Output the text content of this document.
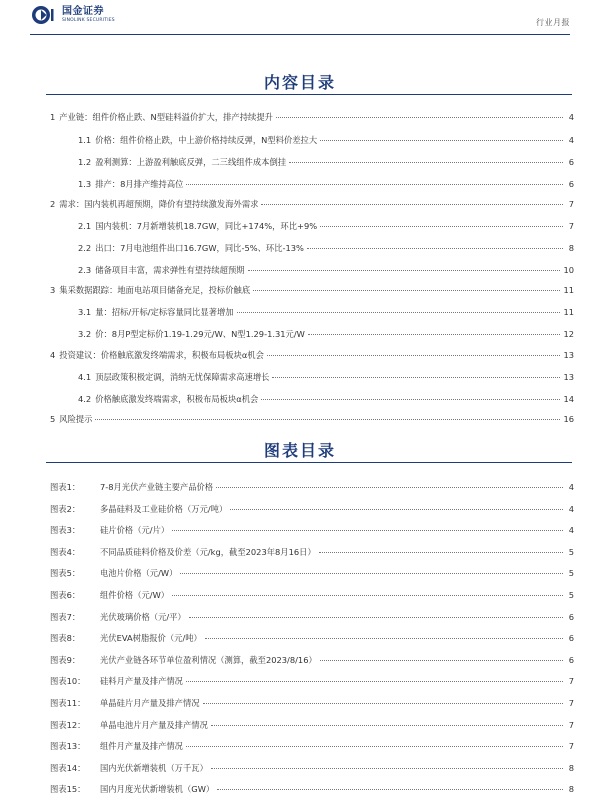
国金证券
SINOLINK SECURITIES	行业月报
内容目录
1 产业链：组件价格止跌、N型硅料溢价扩大，排产持续提升	4
1.1 价格：组件价格止跌，中上游价格持续反弹，N型料价差拉大	4
1.2 盈利测算：上游盈利触底反弹，二三线组件成本倒挂	6
1.3 排产：8月排产维持高位	6
2 需求：国内装机再超预期，降价有望持续激发海外需求	7
2.1 国内装机：7月新增装机18.7GW，同比+174%，环比+9%	7
2.2 出口：7月电池组件出口16.7GW，同比-5%、环比-13%	8
2.3 储备项目丰富，需求弹性有望持续超预期	10
3 集采数据跟踪：地面电站项目储备充足，投标价触底	11
3.1 量：招标/开标/定标容量同比显著增加	11
3.2 价：8月P型定标价1.19-1.29元/W、N型1.29-1.31元/W	12
4 投资建议：价格触底激发终端需求，积极布局板块α机会	13
4.1 顶层政策积极定调，消纳无忧保障需求高速增长	13
4.2 价格触底激发终端需求，积极布局板块α机会	14
5 风险提示	16
图表目录
图表1：	7-8月光伏产业链主要产品价格	4
图表2：	多晶硅料及工业硅价格（万元/吨）	4
图表3：	硅片价格（元/片）	4
图表4：	不同品质硅料价格及价差（元/kg，截至2023年8月16日）	5
图表5：	电池片价格（元/W）	5
图表6：	组件价格（元/W）	5
图表7：	光伏玻璃价格（元/平）	6
图表8：	光伏EVA树脂报价（元/吨）	6
图表9：	光伏产业链各环节单位盈利情况（测算，截至2023/8/16）	6
图表10：	硅料月产量及排产情况	7
图表11：	单晶硅片月产量及排产情况	7
图表12：	单晶电池片月产量及排产情况	7
图表13：	组件月产量及排产情况	7
图表14：	国内光伏新增装机（万千瓦）	8
图表15：	国内月度光伏新增装机（GW）	8
